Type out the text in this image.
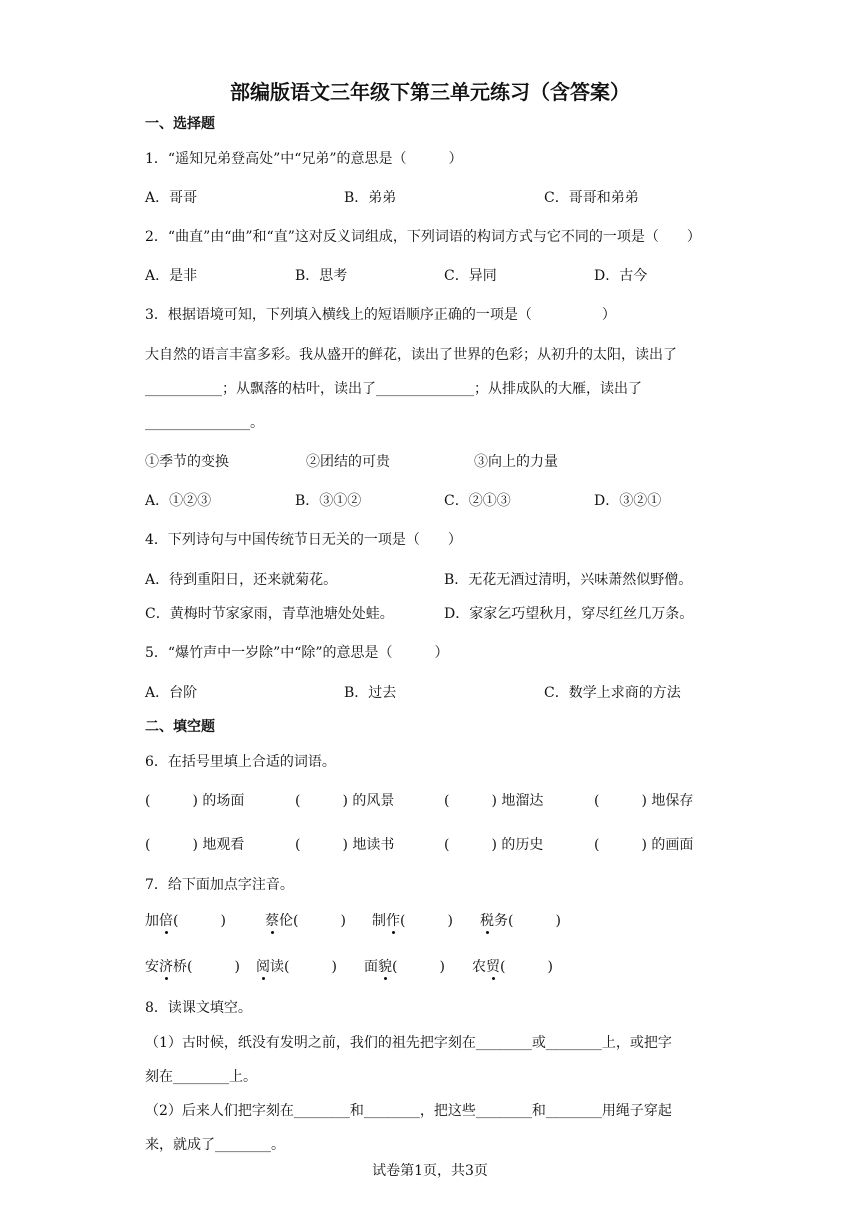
部编版语文三年级下第三单元练习（含答案）
一、选择题
1．“遥知兄弟登高处”中“兄弟”的意思是（　　　）
A．哥哥	B．弟弟	C．哥哥和弟弟
2．“曲直”由“曲”和“直”这对反义词组成，下列词语的构词方式与它不同的一项是（　　）
A．是非	B．思考	C．异同	D．古今
3．根据语境可知，下列填入横线上的短语顺序正确的一项是（　　　　　）
大自然的语言丰富多彩。我从盛开的鲜花，读出了世界的色彩；从初升的太阳，读出了
___________；从飘落的枯叶，读出了______________；从排成队的大雁，读出了
_______________。
①季节的变换	②团结的可贵	③向上的力量
A．①②③	B．③①②	C．②①③	D．③②①
4．下列诗句与中国传统节日无关的一项是（　　）
A．待到重阳日，还来就菊花。	B．无花无酒过清明，兴味萧然似野僧。
C．黄梅时节家家雨，青草池塘处处蛙。	D．家家乞巧望秋月，穿尽红丝几万条。
5．“爆竹声中一岁除”中“除”的意思是（　　　）
A．台阶	B．过去	C．数学上求商的方法
二、填空题
6．在括号里填上合适的词语。
(　　　) 的场面	(　　　) 的风景	(　　　) 地溜达	(　　　) 地保存
(　　　) 地观看	(　　　) 地读书	(　　　) 的历史	(　　　) 的画面
7．给下面加点字注音。
加倍(　　　)	蔡伦(　　　) 制作(　　　) 税务(　　　)
安济桥(　　　) 阅读(　　　) 面貌(　　　) 农贸(　　　)
8．读课文填空。
（1）古时候，纸没有发明之前，我们的祖先把字刻在________或________上，或把字
刻在________上。
（2）后来人们把字刻在________和________，把这些________和________用绳子穿起
来，就成了________。
试卷第1页，共3页
